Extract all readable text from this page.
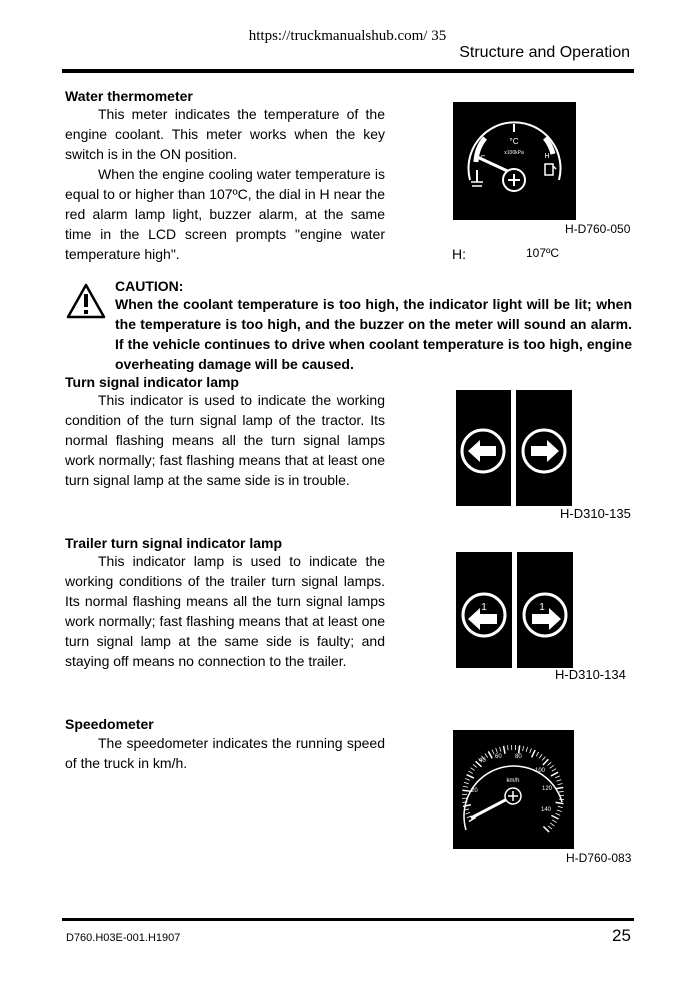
https://truckmanualshub.com/ 35
Structure and Operation
Water thermometer
This meter indicates the temperature of the engine coolant. This meter works when the key switch is in the ON position.
When the engine cooling water temperature is equal to or higher than 107ºC, the dial in H near the red alarm lamp light, buzzer alarm, at the same time in the LCD screen prompts "engine water temperature high".
°C
x100kPa
C	H
H-D760-050
H:	107ºC
CAUTION:
When the coolant temperature is too high, the indicator light will be lit; when the temperature is too high, and the buzzer on the meter will sound an alarm. If the vehicle continues to drive when coolant temperature is too high, engine overheating damage will be caused.
Turn signal indicator lamp
This indicator is used to indicate the working condition of the turn signal lamp of the tractor. Its normal flashing means all the turn signal lamps work normally; fast flashing means that at least one turn signal lamp at the same side is in trouble.
H-D310-135
Trailer turn signal indicator lamp
This indicator lamp is used to indicate the working conditions of the trailer turn signal lamps. Its normal flashing means all the turn signal lamps work normally; fast flashing means that at least one turn signal lamp at the same side is faulty; and staying off means no connection to the trailer.
1	1
H-D310-134
Speedometer
The speedometer indicates the running speed of the truck in km/h.
km/h
20
40
60 80
100
120
140
H-D760-083
D760.H03E-001.H1907	25
